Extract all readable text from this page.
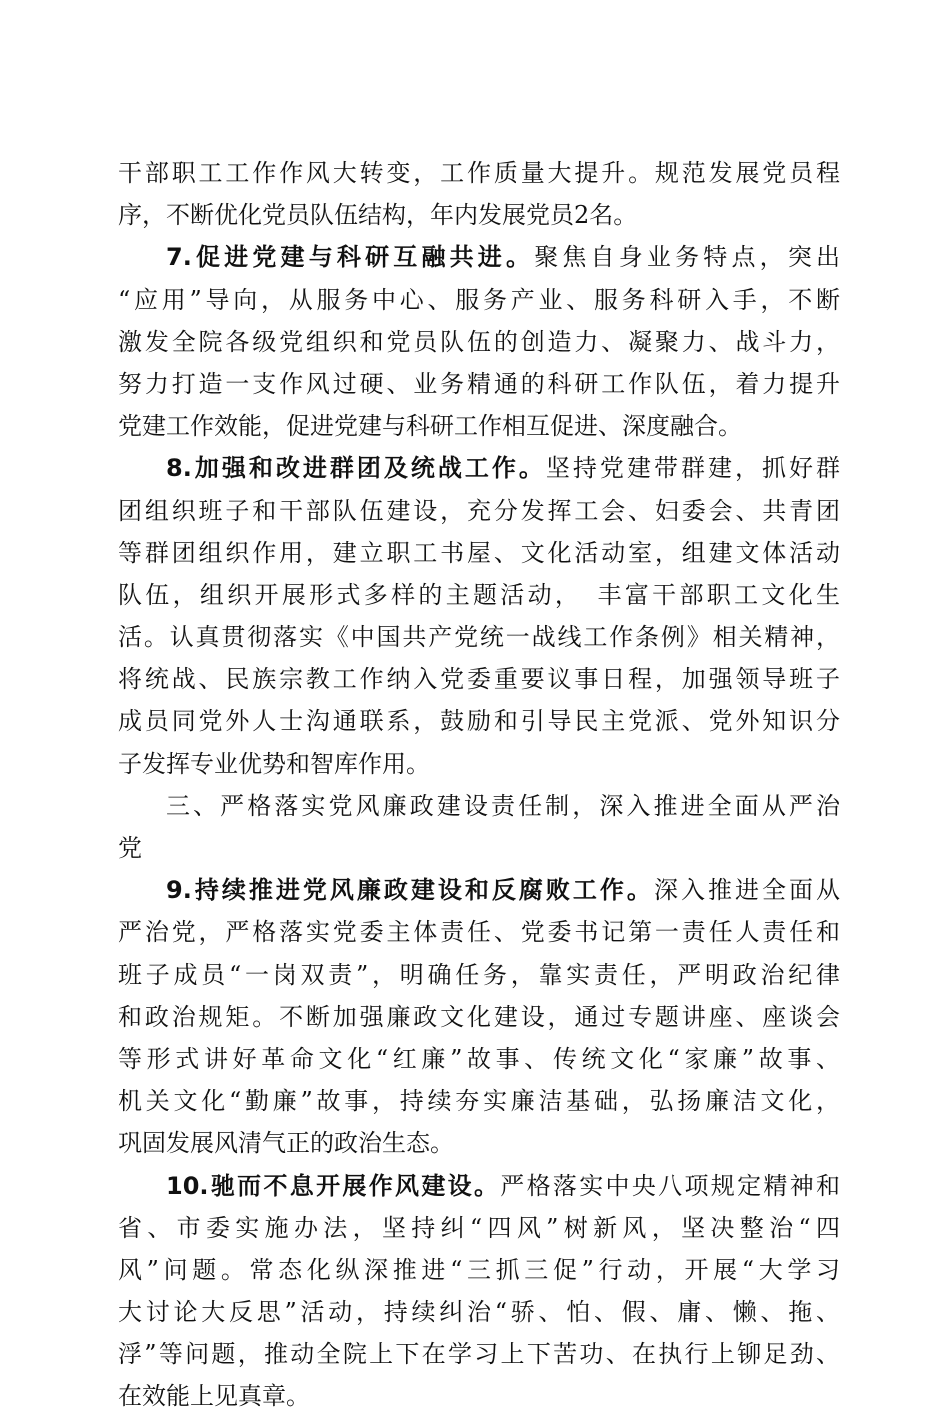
干部职工工作作风大转变，工作质量大提升。规范发展党员程
序，不断优化党员队伍结构，年内发展党员2名。
7.促进党建与科研互融共进。聚焦自身业务特点，突出
“应用”导向，从服务中心、服务产业、服务科研入手，不断
激发全院各级党组织和党员队伍的创造力、凝聚力、战斗力，
努力打造一支作风过硬、业务精通的科研工作队伍，着力提升
党建工作效能，促进党建与科研工作相互促进、深度融合。
8.加强和改进群团及统战工作。坚持党建带群建，抓好群
团组织班子和干部队伍建设，充分发挥工会、妇委会、共青团
等群团组织作用，建立职工书屋、文化活动室，组建文体活动
队伍，组织开展形式多样的主题活动，　丰富干部职工文化生
活。认真贯彻落实《中国共产党统一战线工作条例》相关精神，
将统战、民族宗教工作纳入党委重要议事日程，加强领导班子
成员同党外人士沟通联系，鼓励和引导民主党派、党外知识分
子发挥专业优势和智库作用。
三、严格落实党风廉政建设责任制，深入推进全面从严治
党
9.持续推进党风廉政建设和反腐败工作。深入推进全面从
严治党，严格落实党委主体责任、党委书记第一责任人责任和
班子成员“一岗双责”，明确任务，靠实责任，严明政治纪律
和政治规矩。不断加强廉政文化建设，通过专题讲座、座谈会
等形式讲好革命文化“红廉”故事、传统文化“家廉”故事、
机关文化“勤廉”故事，持续夯实廉洁基础，弘扬廉洁文化，
巩固发展风清气正的政治生态。
10.驰而不息开展作风建设。严格落实中央八项规定精神和
省、市委实施办法，坚持纠“四风”树新风，坚决整治“四
风”问题。常态化纵深推进“三抓三促”行动，开展“大学习
大讨论大反思”活动，持续纠治“骄、怕、假、庸、懒、拖、
浮”等问题，推动全院上下在学习上下苦功、在执行上铆足劲、
在效能上见真章。
